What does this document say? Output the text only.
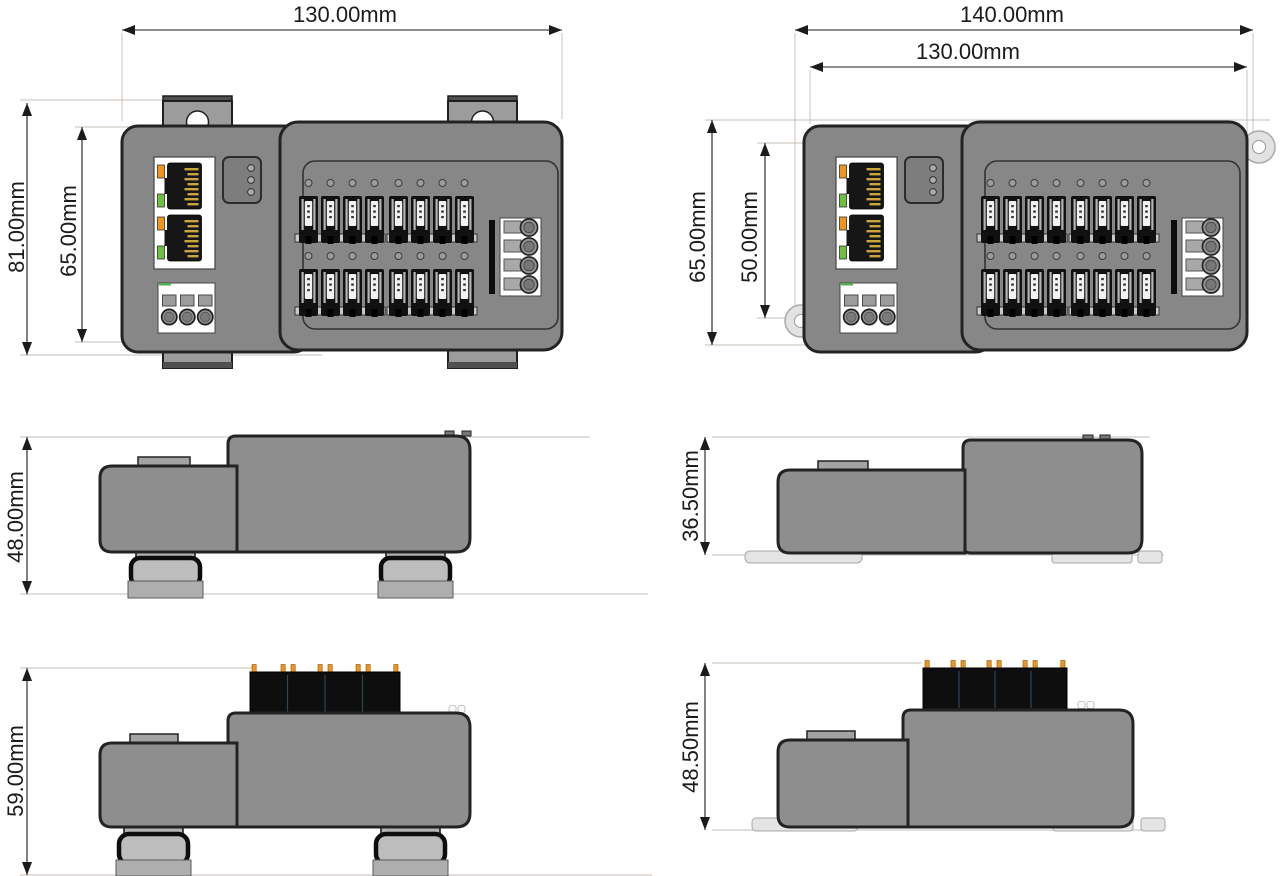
130.00mm
81.00mm 65.00mm
140.00mm
130.00mm
65.00mm 50.00mm
48.00mm	36.50mm
59.00mm	48.50mm
